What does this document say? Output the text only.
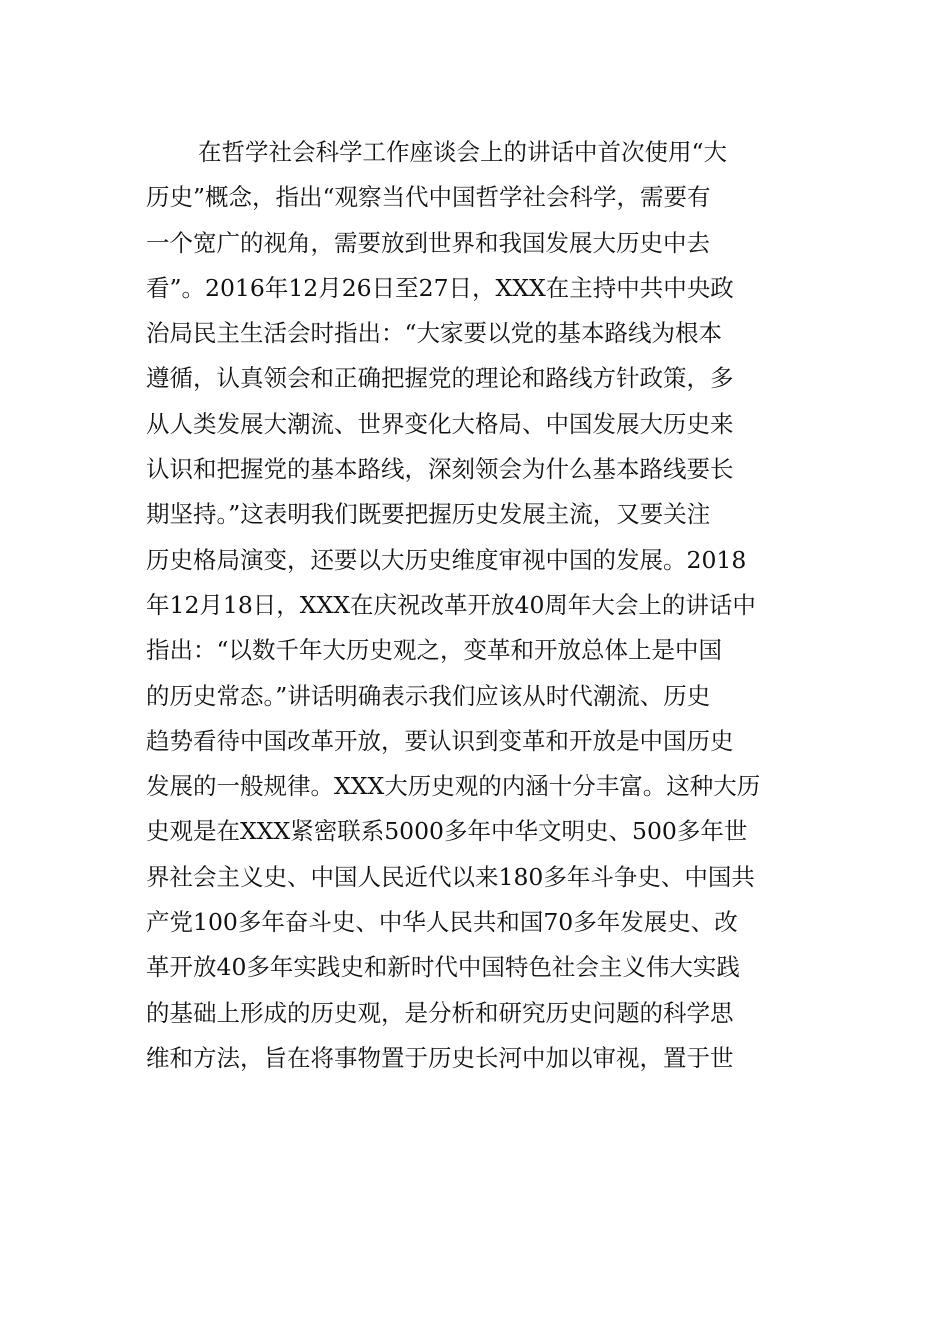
在哲学社会科学工作座谈会上的讲话中首次使用“大
历史”概念，指出“观察当代中国哲学社会科学，需要有
一个宽广的视角，需要放到世界和我国发展大历史中去
看”。2016年12月26日至27日，XXX在主持中共中央政
治局民主生活会时指出：“大家要以党的基本路线为根本
遵循，认真领会和正确把握党的理论和路线方针政策，多
从人类发展大潮流、世界变化大格局、中国发展大历史来
认识和把握党的基本路线，深刻领会为什么基本路线要长
期坚持。”这表明我们既要把握历史发展主流，又要关注
历史格局演变，还要以大历史维度审视中国的发展。2018
年12月18日，XXX在庆祝改革开放40周年大会上的讲话中
指出：“以数千年大历史观之，变革和开放总体上是中国
的历史常态。”讲话明确表示我们应该从时代潮流、历史
趋势看待中国改革开放，要认识到变革和开放是中国历史
发展的一般规律。XXX大历史观的内涵十分丰富。这种大历
史观是在XXX紧密联系5000多年中华文明史、500多年世
界社会主义史、中国人民近代以来180多年斗争史、中国共
产党100多年奋斗史、中华人民共和国70多年发展史、改
革开放40多年实践史和新时代中国特色社会主义伟大实践
的基础上形成的历史观，是分析和研究历史问题的科学思
维和方法，旨在将事物置于历史长河中加以审视，置于世
